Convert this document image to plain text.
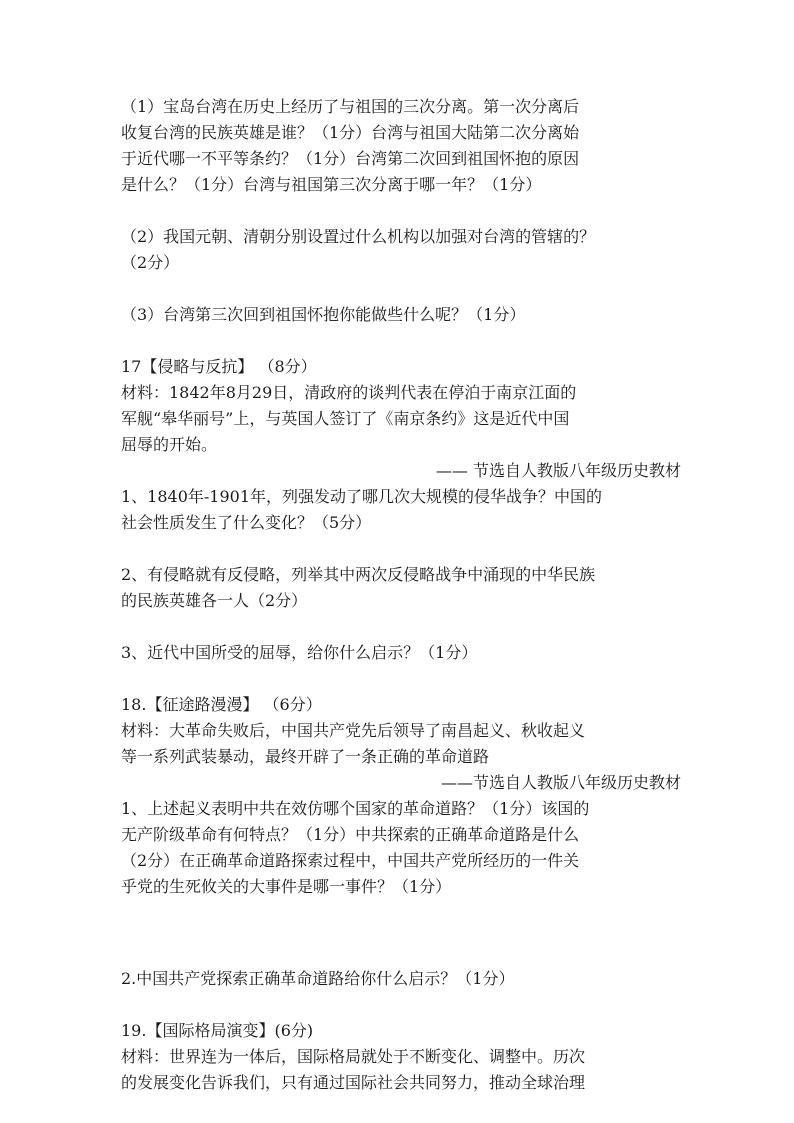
（1）宝岛台湾在历史上经历了与祖国的三次分离。第一次分离后
收复台湾的民族英雄是谁？（1分）台湾与祖国大陆第二次分离始
于近代哪一不平等条约？（1分）台湾第二次回到祖国怀抱的原因
是什么？（1分）台湾与祖国第三次分离于哪一年？（1分）

（2）我国元朝、清朝分别设置过什么机构以加强对台湾的管辖的？
（2分）

（3）台湾第三次回到祖国怀抱你能做些什么呢？（1分）

17【侵略与反抗】 （8分）
材料：1842年8月29日，清政府的谈判代表在停泊于南京江面的
军舰“皋华丽号”上，与英国人签订了《南京条约》这是近代中国
屈辱的开始。
—— 节选自人教版八年级历史教材
1、1840年-1901年，列强发动了哪几次大规模的侵华战争？中国的
社会性质发生了什么变化？（5分）

2、有侵略就有反侵略，列举其中两次反侵略战争中涌现的中华民族
的民族英雄各一人（2分）

3、近代中国所受的屈辱，给你什么启示？（1分）

18.【征途路漫漫】 （6分）
材料：大革命失败后，中国共产党先后领导了南昌起义、秋收起义
等一系列武装暴动，最终开辟了一条正确的革命道路
——节选自人教版八年级历史教材
1、上述起义表明中共在效仿哪个国家的革命道路？（1分）该国的
无产阶级革命有何特点？（1分）中共探索的正确革命道路是什么
（2分）在正确革命道路探索过程中，中国共产党所经历的一件关
乎党的生死攸关的大事件是哪一事件？（1分）

2.中国共产党探索正确革命道路给你什么启示？（1分）

19.【国际格局演变】(6分)
材料：世界连为一体后，国际格局就处于不断变化、调整中。历次
的发展变化告诉我们，只有通过国际社会共同努力，推动全球治理
